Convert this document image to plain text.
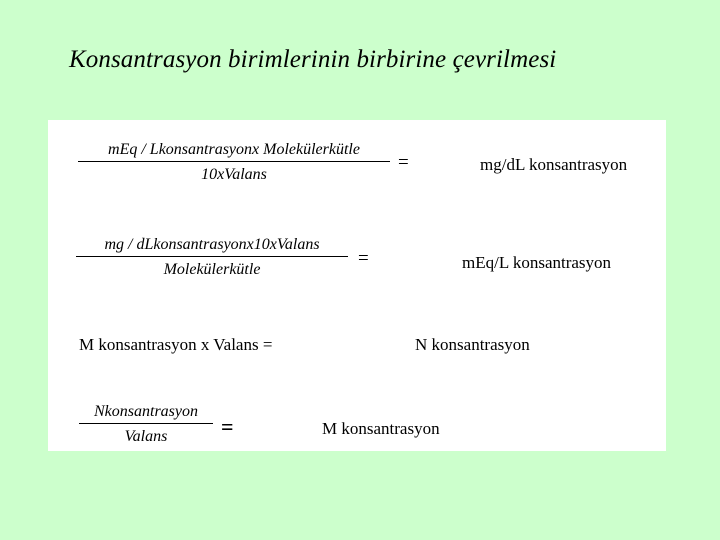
Konsantrasyon birimlerinin birbirine çevrilmesi
mEq / Lkonsantrasyonx Molekülerkütle
10xValans
=	mg/dL konsantrasyon
mg / dLkonsantrasyonx10xValans
Molekülerkütle
=	mEq/L konsantrasyon
M konsantrasyon x Valans =	N konsantrasyon
Nkonsantrasyon
Valans	=	M konsantrasyon
